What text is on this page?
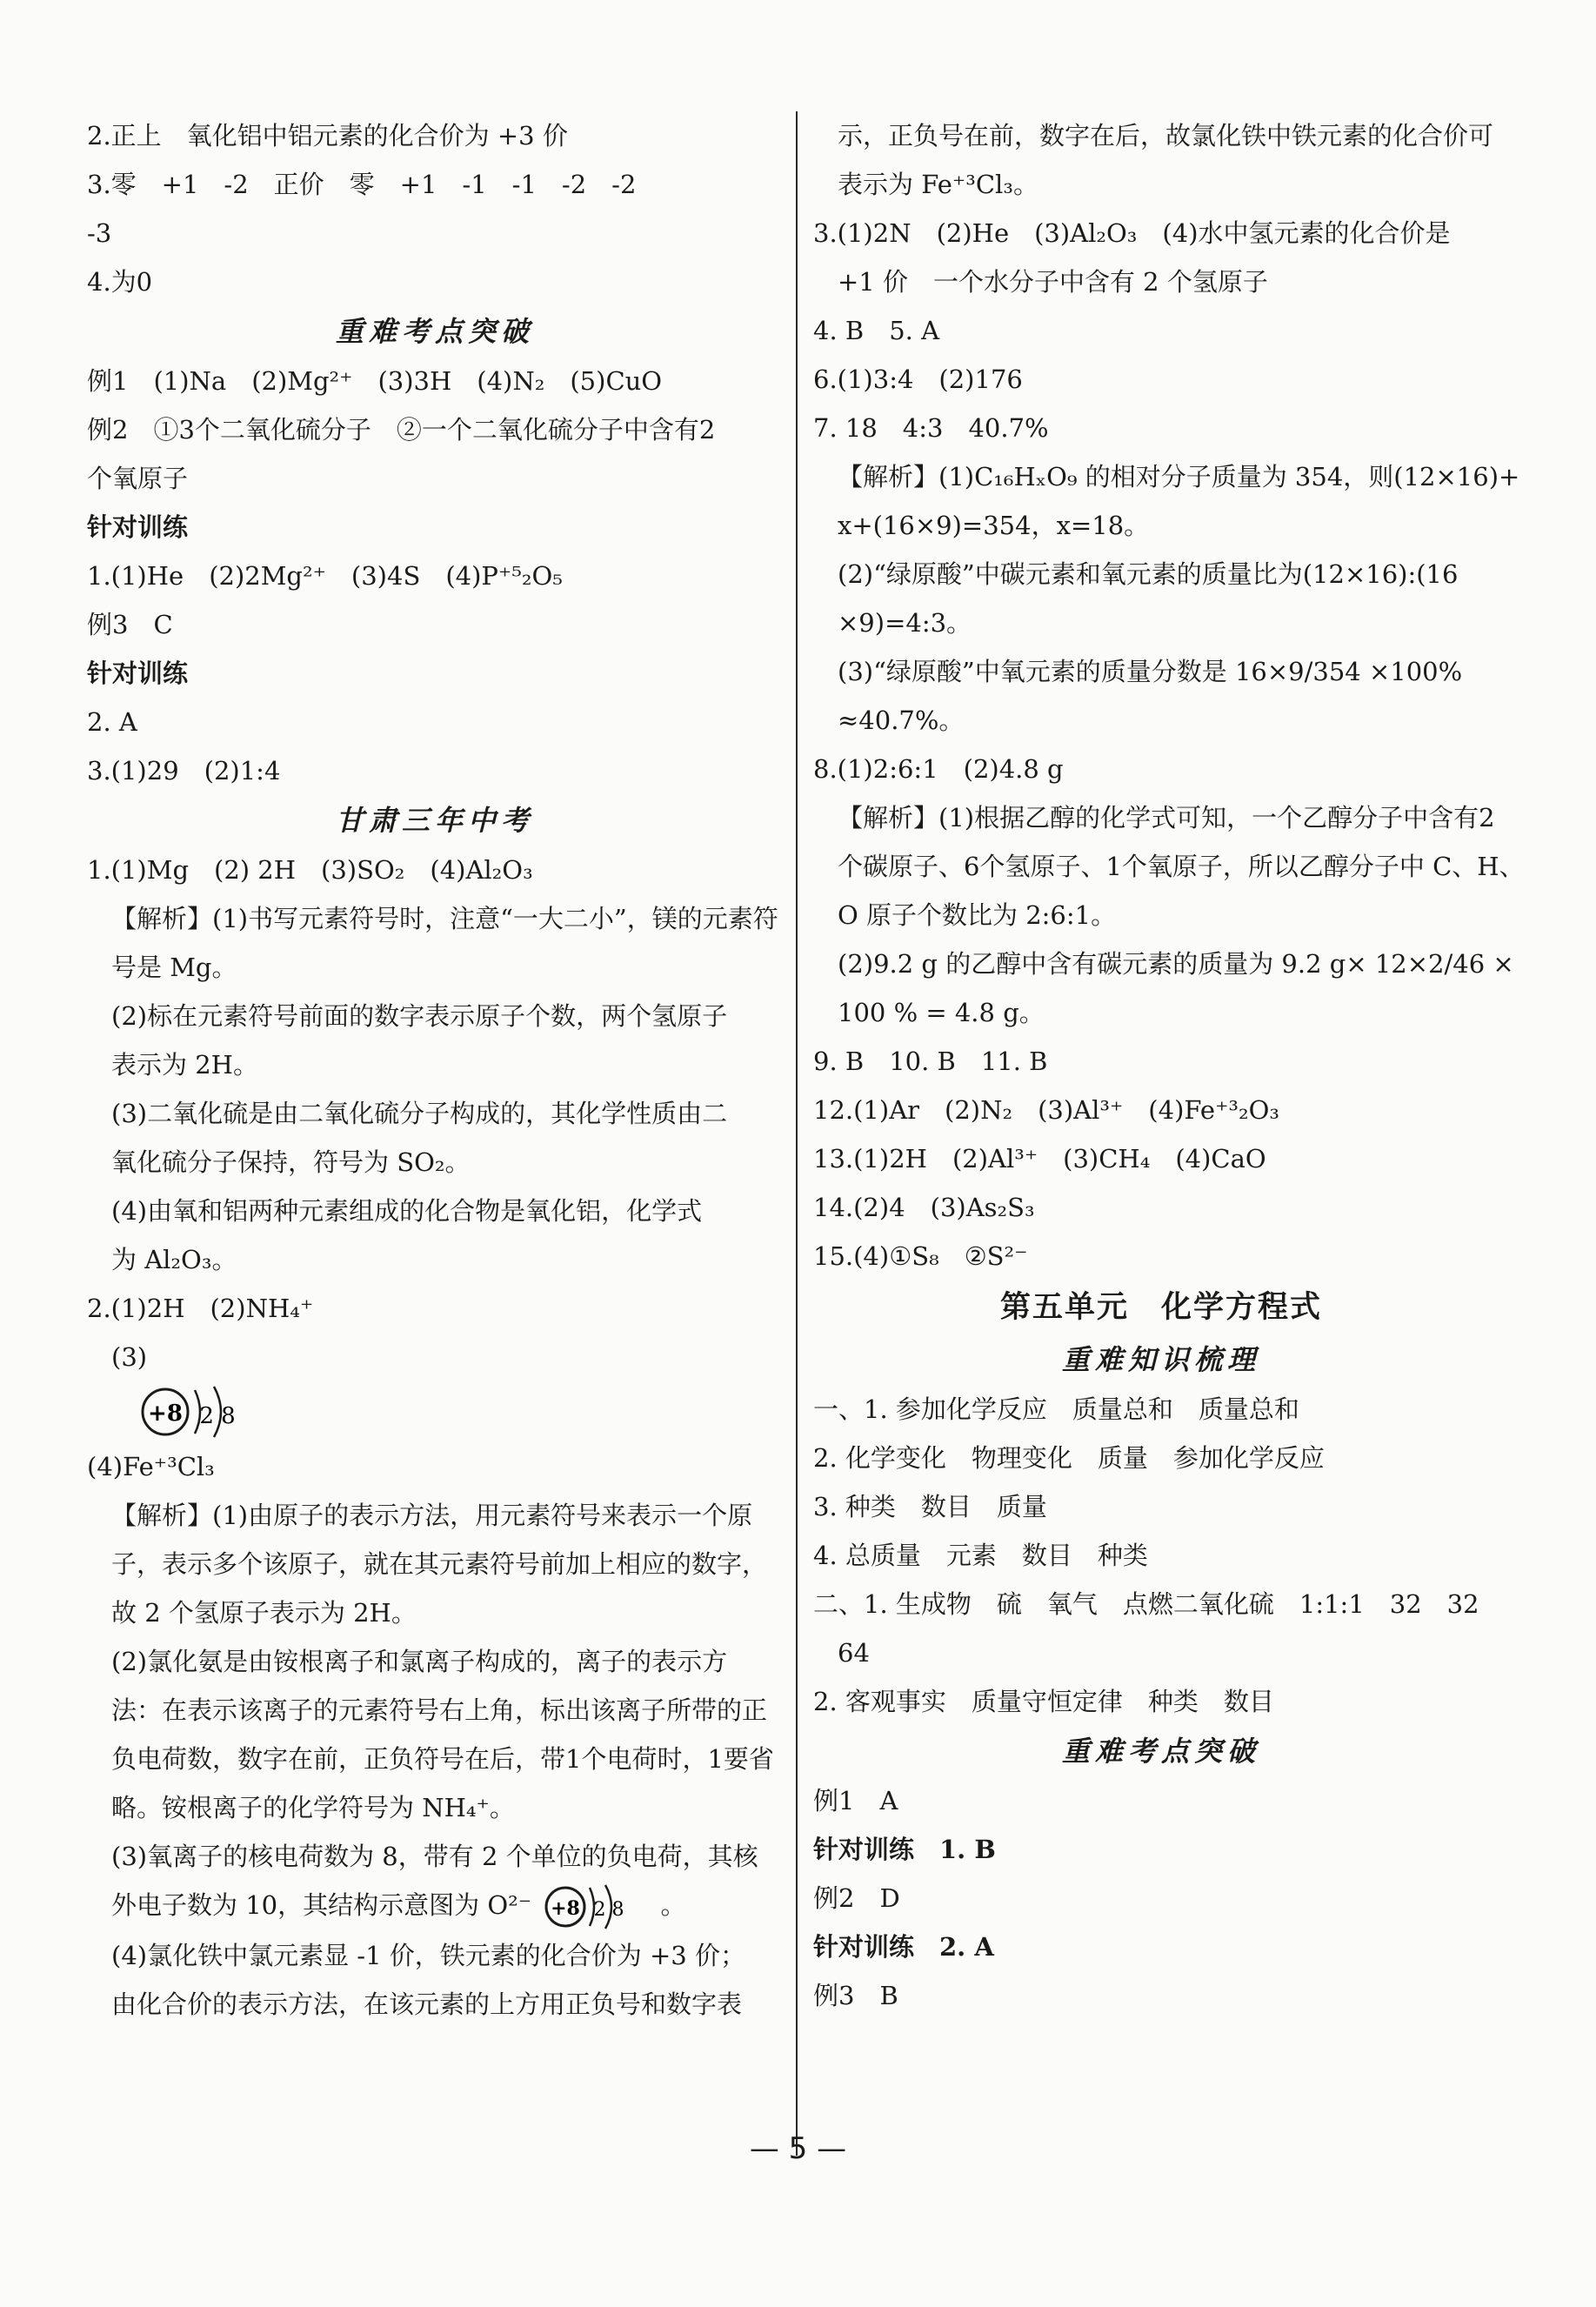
2.正上　氧化铝中铝元素的化合价为 +3 价
3.零　+1　-2　正价　零　+1　-1　-1　-2　-2
-3
4.为0
重难考点突破
例1　(1)Na　(2)Mg²⁺　(3)3H　(4)N₂　(5)CuO
例2　①3个二氧化硫分子　②一个二氧化硫分子中含有2
个氧原子
针对训练
1.(1)He　(2)2Mg²⁺　(3)4S　(4)P⁺⁵₂O₅
例3　C
针对训练
2. A
3.(1)29　(2)1:4
甘肃三年中考
1.(1)Mg　(2) 2H　(3)SO₂　(4)Al₂O₃
【解析】(1)书写元素符号时，注意“一大二小”，镁的元素符
号是 Mg。
(2)标在元素符号前面的数字表示原子个数，两个氢原子
表示为 2H。
(3)二氧化硫是由二氧化硫分子构成的，其化学性质由二
氧化硫分子保持，符号为 SO₂。
(4)由氧和铝两种元素组成的化合物是氧化铝，化学式
为 Al₂O₃。
2.(1)2H　(2)NH₄⁺
(3)
+8 2 8
(4)Fe⁺³Cl₃
【解析】(1)由原子的表示方法，用元素符号来表示一个原
子，表示多个该原子，就在其元素符号前加上相应的数字，
故 2 个氢原子表示为 2H。
(2)氯化氨是由铵根离子和氯离子构成的，离子的表示方
法：在表示该离子的元素符号右上角，标出该离子所带的正
负电荷数，数字在前，正负符号在后，带1个电荷时，1要省
略。铵根离子的化学符号为 NH₄⁺。
(3)氧离子的核电荷数为 8，带有 2 个单位的负电荷，其核
外电子数为 10，其结构示意图为 O²⁻ +8 2 8 。
(4)氯化铁中氯元素显 -1 价，铁元素的化合价为 +3 价；
由化合价的表示方法，在该元素的上方用正负号和数字表
示，正负号在前，数字在后，故氯化铁中铁元素的化合价可
表示为 Fe⁺³Cl₃。
3.(1)2N　(2)He　(3)Al₂O₃　(4)水中氢元素的化合价是
+1 价　一个水分子中含有 2 个氢原子
4. B　5. A
6.(1)3:4　(2)176
7. 18　4:3　40.7%
【解析】(1)C₁₆HₓO₉ 的相对分子质量为 354，则(12×16)+
x+(16×9)=354，x=18。
(2)“绿原酸”中碳元素和氧元素的质量比为(12×16):(16
×9)=4:3。
(3)“绿原酸”中氧元素的质量分数是 16×9/354 ×100%
≈40.7%。
8.(1)2:6:1　(2)4.8 g
【解析】(1)根据乙醇的化学式可知，一个乙醇分子中含有2
个碳原子、6个氢原子、1个氧原子，所以乙醇分子中 C、H、
O 原子个数比为 2:6:1。
(2)9.2 g 的乙醇中含有碳元素的质量为 9.2 g× 12×2/46 ×
100 % = 4.8 g。
9. B　10. B　11. B
12.(1)Ar　(2)N₂　(3)Al³⁺　(4)Fe⁺³₂O₃
13.(1)2H　(2)Al³⁺　(3)CH₄　(4)CaO
14.(2)4　(3)As₂S₃
15.(4)①S₈　②S²⁻
第五单元　化学方程式
重难知识梳理
一、1. 参加化学反应　质量总和　质量总和
2. 化学变化　物理变化　质量　参加化学反应
3. 种类　数目　质量
4. 总质量　元素　数目　种类
二、1. 生成物　硫　氧气　点燃二氧化硫　1:1:1　32　32
64
2. 客观事实　质量守恒定律　种类　数目
重难考点突破
例1　A
针对训练　1. B
例2　D
针对训练　2. A
例3　B
— 5 —
